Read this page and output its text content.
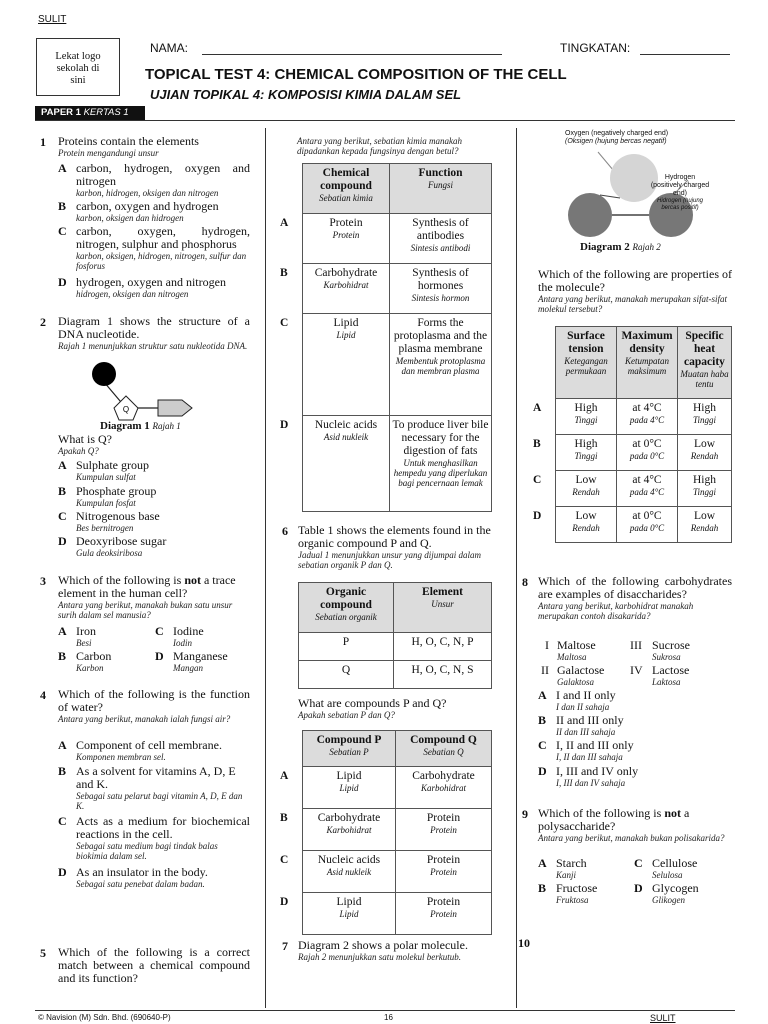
SULIT
Lekat logo sekolah di sini
NAMA:	TINGKATAN:
TOPICAL TEST 4: CHEMICAL COMPOSITION OF THE CELL
UJIAN TOPIKAL 4: KOMPOSISI KIMIA DALAM SEL
PAPER 1 KERTAS 1
1 Proteins contain the elements
Protein mengandungi unsur
A carbon, hydrogen, oxygen and nitrogen
karbon, hidrogen, oksigen dan nitrogen
B carbon, oxygen and hydrogen
karbon, oksigen dan hidrogen
C carbon, oxygen, hydrogen, nitrogen, sulphur and phosphorus
karbon, oksigen, hidrogen, nitrogen, sulfur dan fosforus
D hydrogen, oxygen and nitrogen
hidrogen, oksigen dan nitrogen
2 Diagram 1 shows the structure of a DNA nucleotide.
Rajah 1 menunjukkan struktur satu nukleotida DNA.
Q
Diagram 1 Rajah 1
What is Q?
Apakah Q?
A Sulphate group
Kumpulan sulfat
B Phosphate group
Kumpulan fosfat
C Nitrogenous base
Bes bernitrogen
D Deoxyribose sugar
Gula deoksiribosa
3 Which of the following is not a trace element in the human cell?
Antara yang berikut, manakah bukan satu unsur surih dalam sel manusia?
A Iron
Besi
C Iodine
Iodin
B Carbon
Karbon
D Manganese
Mangan
4 Which of the following is the function of water?
Antara yang berikut, manakah ialah fungsi air?
A Component of cell membrane.
Komponen membran sel.
B As a solvent for vitamins A, D, E and K.
Sebagai satu pelarut bagi vitamin A, D, E dan K.
C Acts as a medium for biochemical reactions in the cell.
Sebagai satu medium bagi tindak balas biokimia dalam sel.
D As an insulator in the body.
Sebagai satu penebat dalam badan.
5 Which of the following is a correct match between a chemical compound and its function?
Antara yang berikut, sebatian kimia manakah dipadankan kepada fungsinya dengan betul?
	Chemical compound
Sebatian kimia	Function
Fungsi

A	Protein
Protein	Synthesis of antibodies
Sintesis antibodi

B	Carbohydrate
Karbohidrat	Synthesis of hormones
Sintesis hormon

C	Lipid
Lipid	Forms the protoplasma and the plasma membrane
Membentuk protoplasma dan membran plasma

D	Nucleic acids
Asid nukleik	To produce liver bile necessary for the digestion of fats
Untuk menghasilkan hempedu yang diperlukan bagi pencernaan lemak
6 Table 1 shows the elements found in the organic compound P and Q.
Jadual 1 menunjukkan unsur yang dijumpai dalam sebatian organik P dan Q.
Organic compound
Sebatian organik	Element
Unsur

P	H, O, C, N, P
Q	H, O, C, N, S
What are compounds P and Q?
Apakah sebatian P dan Q?
	Compound P
Sebatian P	Compound Q
Sebatian Q

A	Lipid
Lipid	Carbohydrate
Karbohidrat

B	Carbohydrate
Karbohidrat	Protein
Protein

C	Nucleic acids
Asid nukleik	Protein
Protein

D	Lipid
Lipid	Protein
Protein
7 Diagram 2 shows a polar molecule.
Rajah 2 menunjukkan satu molekul berkutub.
Oxygen (negatively charged end)
(Oksigen (hujung bercas negatif)
Hydrogen (positively charged end)
Hidrogen (hujung bercas positif)
Diagram 2 Rajah 2
Which of the following are properties of the molecule?
Antara yang berikut, manakah merupakan sifat-sifat molekul tersebut?
	Surface tension
Ketegangan permukaan	Maximum density
Ketumpatan maksimum	Specific heat capacity
Muatan haba tentu

A	High
Tinggi	at 4°C
pada 4°C	High
Tinggi

B	High
Tinggi	at 0°C
pada 0°C	Low
Rendah

C	Low
Rendah	at 4°C
pada 4°C	High
Tinggi

D	Low
Rendah	at 0°C
pada 0°C	Low
Rendah
8 Which of the following carbohydrates are examples of disaccharides?
Antara yang berikut, karbohidrat manakah merupakan contoh disakarida?
I Maltose
Maltosa
III Sucrose
Sukrosa
II Galactose
Galaktosa
IV Lactose
Laktosa
A I and II only
I dan II sahaja
B II and III only
II dan III sahaja
C I, II and III only
I, II dan III sahaja
D I, III and IV only
I, III dan IV sahaja
9 Which of the following is not a polysaccharide?
Antara yang berikut, manakah bukan polisakarida?
A Starch
Kanji
C Cellulose
Selulosa
B Fructose
Fruktosa
D Glycogen
Glikogen
10
© Navision (M) Sdn. Bhd. (690640-P)	16	SULIT
